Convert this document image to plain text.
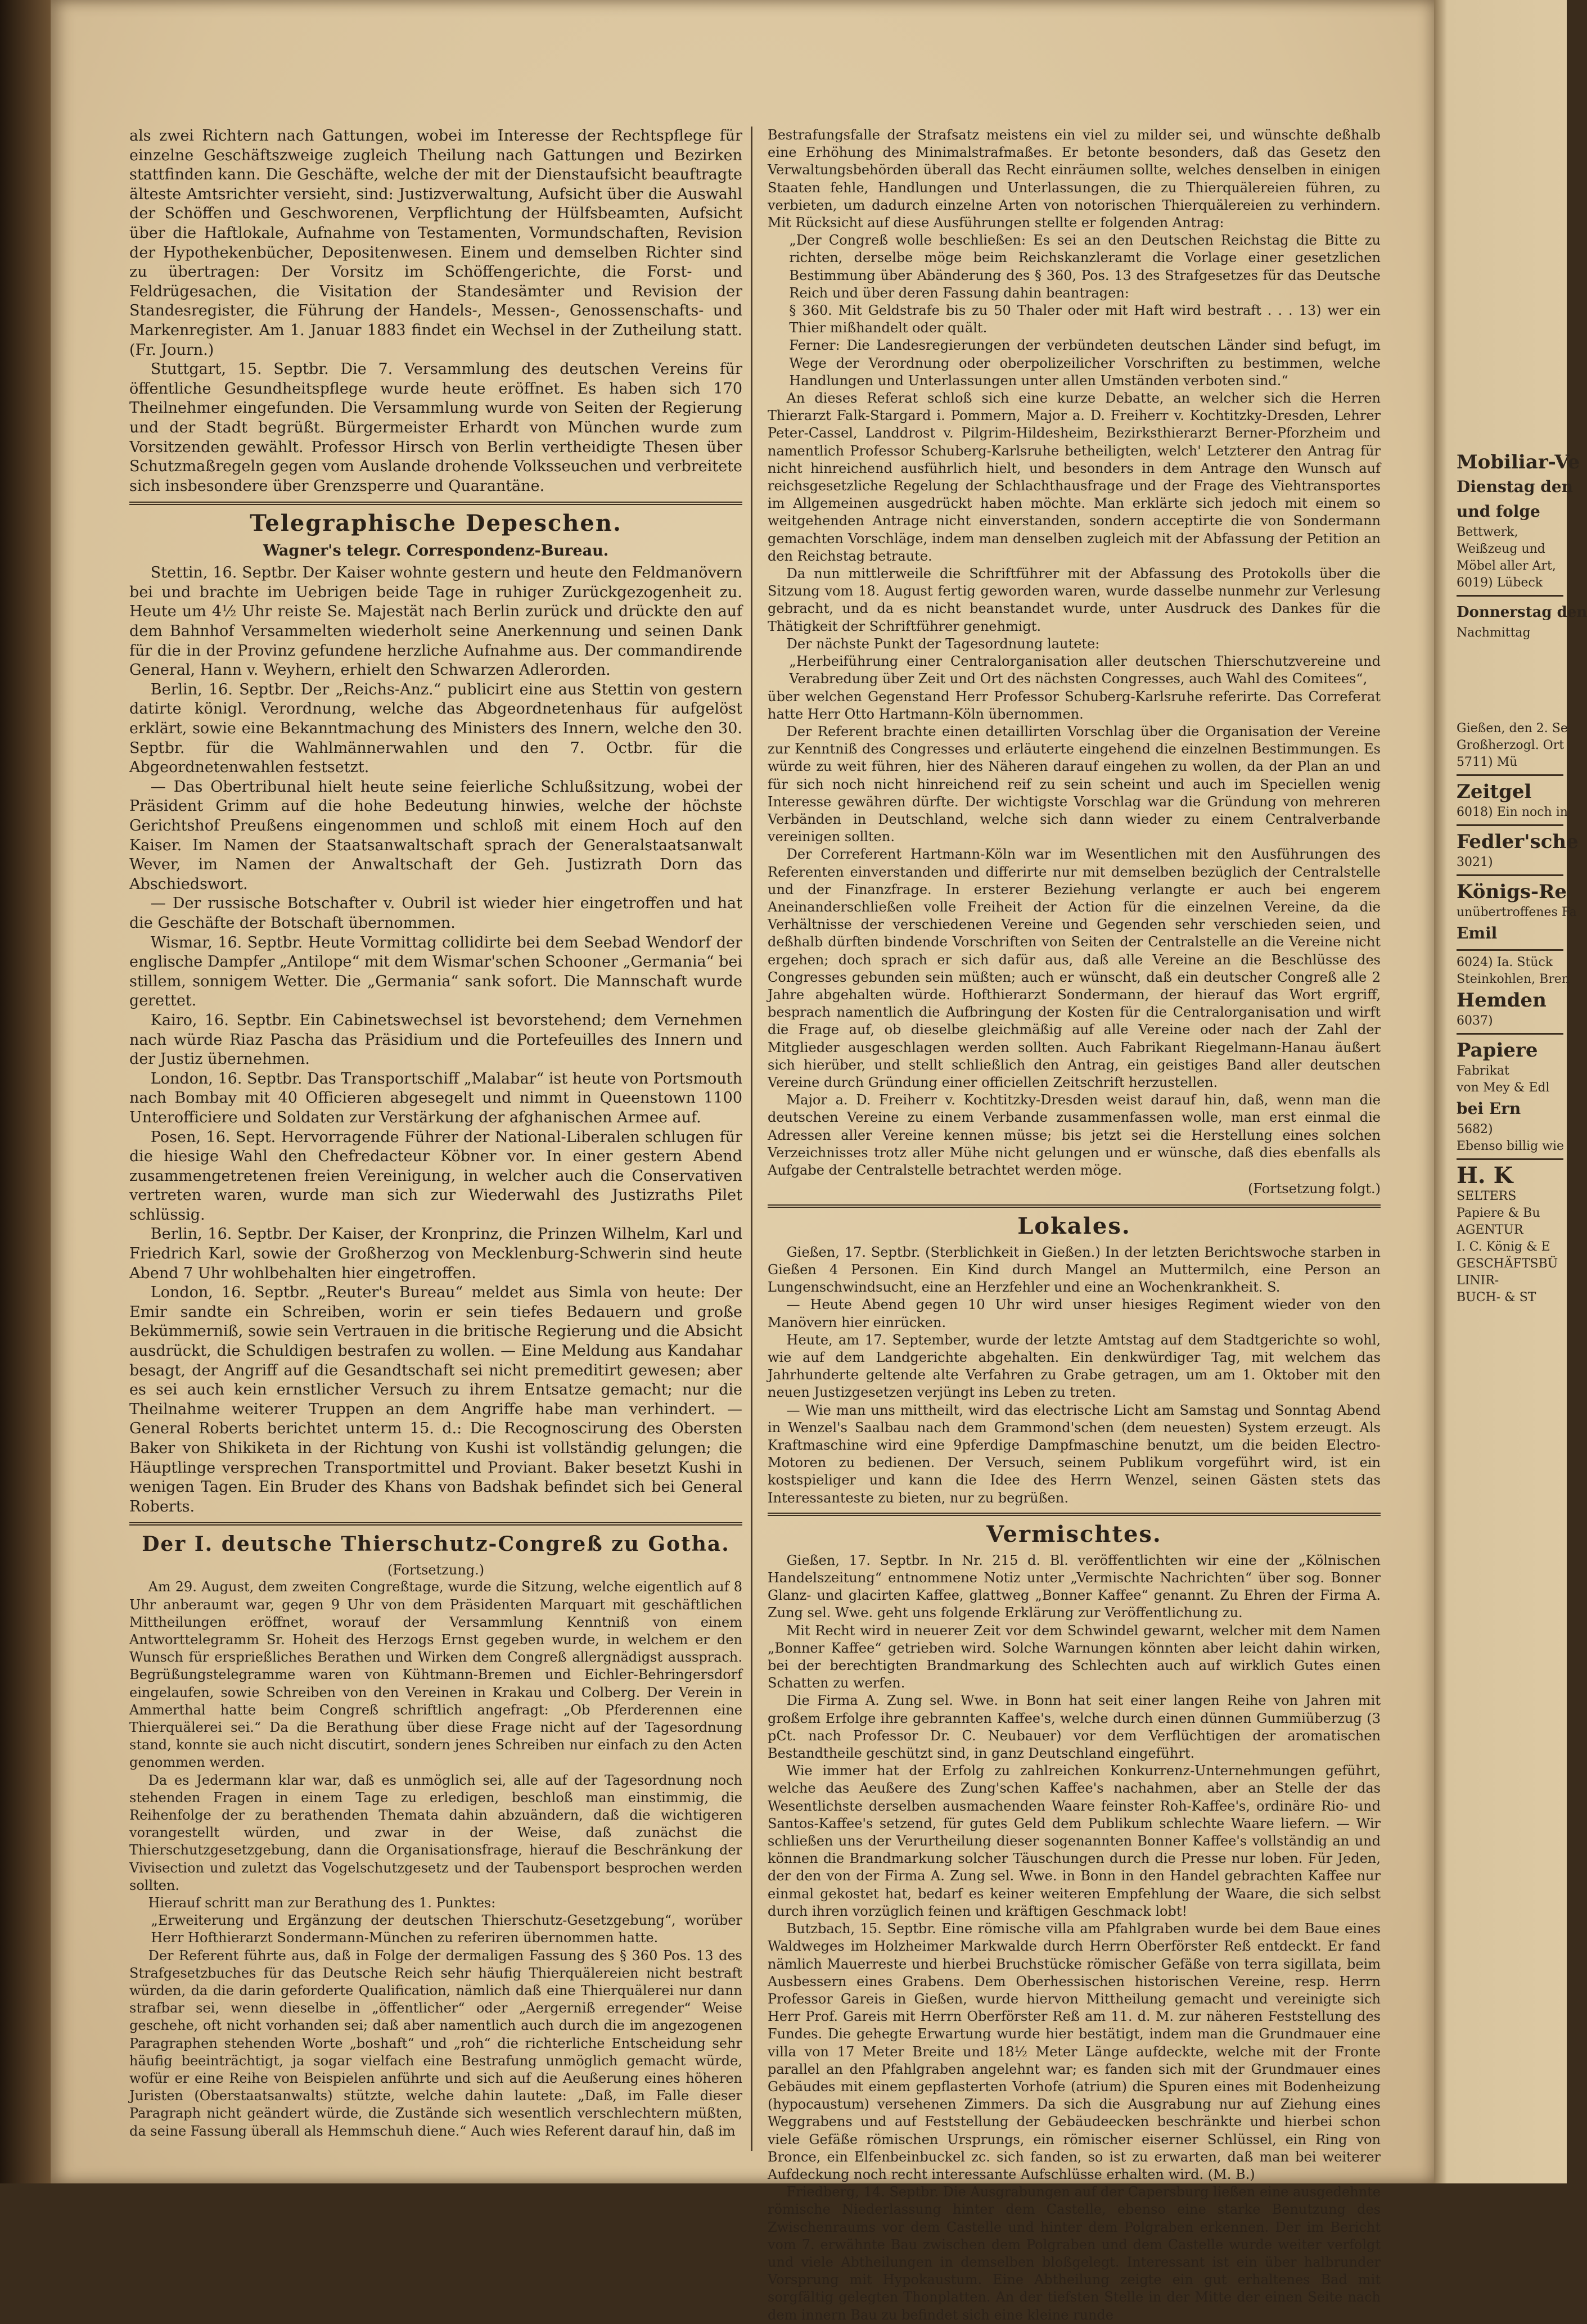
als zwei Richtern nach Gattungen, wobei im Interesse der Rechtspflege für einzelne Geschäftszweige zugleich Theilung nach Gattungen und Bezirken stattfinden kann. Die Geschäfte, welche der mit der Dienstaufsicht beauftragte älteste Amtsrichter versieht, sind: Justizverwaltung, Aufsicht über die Auswahl der Schöffen und Geschworenen, Verpflichtung der Hülfsbeamten, Aufsicht über die Haftlokale, Aufnahme von Testamenten, Vormundschaften, Revision der Hypothekenbücher, Depositenwesen. Einem und demselben Richter sind zu übertragen: Der Vorsitz im Schöffengerichte, die Forst- und Feldrügesachen, die Visitation der Standesämter und Revision der Standesregister, die Führung der Handels-, Messen-, Genossenschafts- und Markenregister. Am 1. Januar 1883 findet ein Wechsel in der Zutheilung statt. (Fr. Journ.)

Stuttgart, 15. Septbr. Die 7. Versammlung des deutschen Vereins für öffentliche Gesundheitspflege wurde heute eröffnet. Es haben sich 170 Theilnehmer eingefunden. Die Versammlung wurde von Seiten der Regierung und der Stadt begrüßt. Bürgermeister Erhardt von München wurde zum Vorsitzenden gewählt. Professor Hirsch von Berlin vertheidigte Thesen über Schutzmaßregeln gegen vom Auslande drohende Volksseuchen und verbreitete sich insbesondere über Grenzsperre und Quarantäne.

Telegraphische Depeschen.
Wagner's telegr. Correspondenz-Bureau.

Stettin, 16. Septbr. Der Kaiser wohnte gestern und heute den Feldmanövern bei und brachte im Uebrigen beide Tage in ruhiger Zurückgezogenheit zu. Heute um 4½ Uhr reiste Se. Majestät nach Berlin zurück und drückte den auf dem Bahnhof Versammelten wiederholt seine Anerkennung und seinen Dank für die in der Provinz gefundene herzliche Aufnahme aus. Der commandirende General, Hann v. Weyhern, erhielt den Schwarzen Adlerorden.

Berlin, 16. Septbr. Der „Reichs-Anz.“ publicirt eine aus Stettin von gestern datirte königl. Verordnung, welche das Abgeordnetenhaus für aufgelöst erklärt, sowie eine Bekanntmachung des Ministers des Innern, welche den 30. Septbr. für die Wahlmännerwahlen und den 7. Octbr. für die Abgeordnetenwahlen festsetzt.

— Das Obertribunal hielt heute seine feierliche Schlußsitzung, wobei der Präsident Grimm auf die hohe Bedeutung hinwies, welche der höchste Gerichtshof Preußens eingenommen und schloß mit einem Hoch auf den Kaiser. Im Namen der Staatsanwaltschaft sprach der Generalstaatsanwalt Wever, im Namen der Anwaltschaft der Geh. Justizrath Dorn das Abschiedswort.

— Der russische Botschafter v. Oubril ist wieder hier eingetroffen und hat die Geschäfte der Botschaft übernommen.

Wismar, 16. Septbr. Heute Vormittag collidirte bei dem Seebad Wendorf der englische Dampfer „Antilope“ mit dem Wismar'schen Schooner „Germania“ bei stillem, sonnigem Wetter. Die „Germania“ sank sofort. Die Mannschaft wurde gerettet.

Kairo, 16. Septbr. Ein Cabinetswechsel ist bevorstehend; dem Vernehmen nach würde Riaz Pascha das Präsidium und die Portefeuilles des Innern und der Justiz übernehmen.

London, 16. Septbr. Das Transportschiff „Malabar“ ist heute von Portsmouth nach Bombay mit 40 Officieren abgesegelt und nimmt in Queenstown 1100 Unterofficiere und Soldaten zur Verstärkung der afghanischen Armee auf.

Posen, 16. Sept. Hervorragende Führer der National-Liberalen schlugen für die hiesige Wahl den Chefredacteur Köbner vor. In einer gestern Abend zusammengetretenen freien Vereinigung, in welcher auch die Conservativen vertreten waren, wurde man sich zur Wiederwahl des Justizraths Pilet schlüssig.

Berlin, 16. Septbr. Der Kaiser, der Kronprinz, die Prinzen Wilhelm, Karl und Friedrich Karl, sowie der Großherzog von Mecklenburg-Schwerin sind heute Abend 7 Uhr wohlbehalten hier eingetroffen.

London, 16. Septbr. „Reuter's Bureau“ meldet aus Simla von heute: Der Emir sandte ein Schreiben, worin er sein tiefes Bedauern und große Bekümmerniß, sowie sein Vertrauen in die britische Regierung und die Absicht ausdrückt, die Schuldigen bestrafen zu wollen. — Eine Meldung aus Kandahar besagt, der Angriff auf die Gesandtschaft sei nicht premeditirt gewesen; aber es sei auch kein ernstlicher Versuch zu ihrem Entsatze gemacht; nur die Theilnahme weiterer Truppen an dem Angriffe habe man verhindert. — General Roberts berichtet unterm 15. d.: Die Recognoscirung des Obersten Baker von Shikiketa in der Richtung von Kushi ist vollständig gelungen; die Häuptlinge versprechen Transportmittel und Proviant. Baker besetzt Kushi in wenigen Tagen. Ein Bruder des Khans von Badshak befindet sich bei General Roberts.

Der I. deutsche Thierschutz-Congreß zu Gotha.
(Fortsetzung.)

Am 29. August, dem zweiten Congreßtage, wurde die Sitzung, welche eigentlich auf 8 Uhr anberaumt war, gegen 9 Uhr von dem Präsidenten Marquart mit geschäftlichen Mittheilungen eröffnet, worauf der Versammlung Kenntniß von einem Antworttelegramm Sr. Hoheit des Herzogs Ernst gegeben wurde, in welchem er den Wunsch für ersprießliches Berathen und Wirken dem Congreß allergnädigst aussprach. Begrüßungstelegramme waren von Kühtmann-Bremen und Eichler-Behringersdorf eingelaufen, sowie Schreiben von den Vereinen in Krakau und Colberg. Der Verein in Ammerthal hatte beim Congreß schriftlich angefragt: „Ob Pferderennen eine Thierquälerei sei.“ Da die Berathung über diese Frage nicht auf der Tagesordnung stand, konnte sie auch nicht discutirt, sondern jenes Schreiben nur einfach zu den Acten genommen werden.

Da es Jedermann klar war, daß es unmöglich sei, alle auf der Tagesordnung noch stehenden Fragen in einem Tage zu erledigen, beschloß man einstimmig, die Reihenfolge der zu berathenden Themata dahin abzuändern, daß die wichtigeren vorangestellt würden, und zwar in der Weise, daß zunächst die Thierschutzgesetzgebung, dann die Organisationsfrage, hierauf die Beschränkung der Vivisection und zuletzt das Vogelschutzgesetz und der Taubensport besprochen werden sollten.

Hierauf schritt man zur Berathung des 1. Punktes:

„Erweiterung und Ergänzung der deutschen Thierschutz-Gesetzgebung“, worüber Herr Hofthierarzt Sondermann-München zu referiren übernommen hatte.

Der Referent führte aus, daß in Folge der dermaligen Fassung des § 360 Pos. 13 des Strafgesetzbuches für das Deutsche Reich sehr häufig Thierquälereien nicht bestraft würden, da die darin geforderte Qualification, nämlich daß eine Thierquälerei nur dann strafbar sei, wenn dieselbe in „öffentlicher“ oder „Aergerniß erregender“ Weise geschehe, oft nicht vorhanden sei; daß aber namentlich auch durch die im angezogenen Paragraphen stehenden Worte „boshaft“ und „roh“ die richterliche Entscheidung sehr häufig beeinträchtigt, ja sogar vielfach eine Bestrafung unmöglich gemacht würde, wofür er eine Reihe von Beispielen anführte und sich auf die Aeußerung eines höheren Juristen (Oberstaatsanwalts) stützte, welche dahin lautete: „Daß, im Falle dieser Paragraph nicht geändert würde, die Zustände sich wesentlich verschlechtern müßten, da seine Fassung überall als Hemmschuh diene.“ Auch wies Referent darauf hin, daß im

Bestrafungsfalle der Strafsatz meistens ein viel zu milder sei, und wünschte deßhalb eine Erhöhung des Minimalstrafmaßes. Er betonte besonders, daß das Gesetz den Verwaltungsbehörden überall das Recht einräumen sollte, welches denselben in einigen Staaten fehle, Handlungen und Unterlassungen, die zu Thierquälereien führen, zu verbieten, um dadurch einzelne Arten von notorischen Thierquälereien zu verhindern. Mit Rücksicht auf diese Ausführungen stellte er folgenden Antrag:

„Der Congreß wolle beschließen: Es sei an den Deutschen Reichstag die Bitte zu richten, derselbe möge beim Reichskanzleramt die Vorlage einer gesetzlichen Bestimmung über Abänderung des § 360, Pos. 13 des Strafgesetzes für das Deutsche Reich und über deren Fassung dahin beantragen:

§ 360. Mit Geldstrafe bis zu 50 Thaler oder mit Haft wird bestraft . . . 13) wer ein Thier mißhandelt oder quält.

Ferner: Die Landesregierungen der verbündeten deutschen Länder sind befugt, im Wege der Verordnung oder oberpolizeilicher Vorschriften zu bestimmen, welche Handlungen und Unterlassungen unter allen Umständen verboten sind.“

An dieses Referat schloß sich eine kurze Debatte, an welcher sich die Herren Thierarzt Falk-Stargard i. Pommern, Major a. D. Freiherr v. Kochtitzky-Dresden, Lehrer Peter-Cassel, Landdrost v. Pilgrim-Hildesheim, Bezirksthierarzt Berner-Pforzheim und namentlich Professor Schuberg-Karlsruhe betheiligten, welch' Letzterer den Antrag für nicht hinreichend ausführlich hielt, und besonders in dem Antrage den Wunsch auf reichsgesetzliche Regelung der Schlachthausfrage und der Frage des Viehtransportes im Allgemeinen ausgedrückt haben möchte. Man erklärte sich jedoch mit einem so weitgehenden Antrage nicht einverstanden, sondern acceptirte die von Sondermann gemachten Vorschläge, indem man denselben zugleich mit der Abfassung der Petition an den Reichstag betraute.

Da nun mittlerweile die Schriftführer mit der Abfassung des Protokolls über die Sitzung vom 18. August fertig geworden waren, wurde dasselbe nunmehr zur Verlesung gebracht, und da es nicht beanstandet wurde, unter Ausdruck des Dankes für die Thätigkeit der Schriftführer genehmigt.

Der nächste Punkt der Tagesordnung lautete:

„Herbeiführung einer Centralorganisation aller deutschen Thierschutzvereine und Verabredung über Zeit und Ort des nächsten Congresses, auch Wahl des Comitees“,

über welchen Gegenstand Herr Professor Schuberg-Karlsruhe referirte. Das Correferat hatte Herr Otto Hartmann-Köln übernommen.

Der Referent brachte einen detaillirten Vorschlag über die Organisation der Vereine zur Kenntniß des Congresses und erläuterte eingehend die einzelnen Bestimmungen. Es würde zu weit führen, hier des Näheren darauf eingehen zu wollen, da der Plan an und für sich noch nicht hinreichend reif zu sein scheint und auch im Speciellen wenig Interesse gewähren dürfte. Der wichtigste Vorschlag war die Gründung von mehreren Verbänden in Deutschland, welche sich dann wieder zu einem Centralverbande vereinigen sollten.

Der Correferent Hartmann-Köln war im Wesentlichen mit den Ausführungen des Referenten einverstanden und differirte nur mit demselben bezüglich der Centralstelle und der Finanzfrage. In ersterer Beziehung verlangte er auch bei engerem Aneinanderschließen volle Freiheit der Action für die einzelnen Vereine, da die Verhältnisse der verschiedenen Vereine und Gegenden sehr verschieden seien, und deßhalb dürften bindende Vorschriften von Seiten der Centralstelle an die Vereine nicht ergehen; doch sprach er sich dafür aus, daß alle Vereine an die Beschlüsse des Congresses gebunden sein müßten; auch er wünscht, daß ein deutscher Congreß alle 2 Jahre abgehalten würde. Hofthierarzt Sondermann, der hierauf das Wort ergriff, besprach namentlich die Aufbringung der Kosten für die Centralorganisation und wirft die Frage auf, ob dieselbe gleichmäßig auf alle Vereine oder nach der Zahl der Mitglieder ausgeschlagen werden sollten. Auch Fabrikant Riegelmann-Hanau äußert sich hierüber, und stellt schließlich den Antrag, ein geistiges Band aller deutschen Vereine durch Gründung einer officiellen Zeitschrift herzustellen.

Major a. D. Freiherr v. Kochtitzky-Dresden weist darauf hin, daß, wenn man die deutschen Vereine zu einem Verbande zusammenfassen wolle, man erst einmal die Adressen aller Vereine kennen müsse; bis jetzt sei die Herstellung eines solchen Verzeichnisses trotz aller Mühe nicht gelungen und er wünsche, daß dies ebenfalls als Aufgabe der Centralstelle betrachtet werden möge.

(Fortsetzung folgt.)
Lokales.

Gießen, 17. Septbr. (Sterblichkeit in Gießen.) In der letzten Berichtswoche starben in Gießen 4 Personen. Ein Kind durch Mangel an Muttermilch, eine Person an Lungenschwindsucht, eine an Herzfehler und eine an Wochenkrankheit. S.

— Heute Abend gegen 10 Uhr wird unser hiesiges Regiment wieder von den Manövern hier einrücken.

Heute, am 17. September, wurde der letzte Amtstag auf dem Stadtgerichte so wohl, wie auf dem Landgerichte abgehalten. Ein denkwürdiger Tag, mit welchem das Jahrhunderte geltende alte Verfahren zu Grabe getragen, um am 1. Oktober mit den neuen Justizgesetzen verjüngt ins Leben zu treten.

— Wie man uns mittheilt, wird das electrische Licht am Samstag und Sonntag Abend in Wenzel's Saalbau nach dem Grammond'schen (dem neuesten) System erzeugt. Als Kraftmaschine wird eine 9pferdige Dampfmaschine benutzt, um die beiden Electro-Motoren zu bedienen. Der Versuch, seinem Publikum vorgeführt wird, ist ein kostspieliger und kann die Idee des Herrn Wenzel, seinen Gästen stets das Interessanteste zu bieten, nur zu begrüßen.

Vermischtes.

Gießen, 17. Septbr. In Nr. 215 d. Bl. veröffentlichten wir eine der „Kölnischen Handelszeitung“ entnommene Notiz unter „Vermischte Nachrichten“ über sog. Bonner Glanz- und glacirten Kaffee, glattweg „Bonner Kaffee“ genannt. Zu Ehren der Firma A. Zung sel. Wwe. geht uns folgende Erklärung zur Veröffentlichung zu.

Mit Recht wird in neuerer Zeit vor dem Schwindel gewarnt, welcher mit dem Namen „Bonner Kaffee“ getrieben wird. Solche Warnungen könnten aber leicht dahin wirken, bei der berechtigten Brandmarkung des Schlechten auch auf wirklich Gutes einen Schatten zu werfen.

Die Firma A. Zung sel. Wwe. in Bonn hat seit einer langen Reihe von Jahren mit großem Erfolge ihre gebrannten Kaffee's, welche durch einen dünnen Gummiüberzug (3 pCt. nach Professor Dr. C. Neubauer) vor dem Verflüchtigen der aromatischen Bestandtheile geschützt sind, in ganz Deutschland eingeführt.

Wie immer hat der Erfolg zu zahlreichen Konkurrenz-Unternehmungen geführt, welche das Aeußere des Zung'schen Kaffee's nachahmen, aber an Stelle der das Wesentlichste derselben ausmachenden Waare feinster Roh-Kaffee's, ordinäre Rio- und Santos-Kaffee's setzend, für gutes Geld dem Publikum schlechte Waare liefern. — Wir schließen uns der Verurtheilung dieser sogenannten Bonner Kaffee's vollständig an und können die Brandmarkung solcher Täuschungen durch die Presse nur loben. Für Jeden, der den von der Firma A. Zung sel. Wwe. in Bonn in den Handel gebrachten Kaffee nur einmal gekostet hat, bedarf es keiner weiteren Empfehlung der Waare, die sich selbst durch ihren vorzüglich feinen und kräftigen Geschmack lobt!

Butzbach, 15. Septbr. Eine römische villa am Pfahlgraben wurde bei dem Baue eines Waldweges im Holzheimer Markwalde durch Herrn Oberförster Reß entdeckt. Er fand nämlich Mauerreste und hierbei Bruchstücke römischer Gefäße von terra sigillata, beim Ausbessern eines Grabens. Dem Oberhessischen historischen Vereine, resp. Herrn Professor Gareis in Gießen, wurde hiervon Mittheilung gemacht und vereinigte sich Herr Prof. Gareis mit Herrn Oberförster Reß am 11. d. M. zur näheren Feststellung des Fundes. Die gehegte Erwartung wurde hier bestätigt, indem man die Grundmauer eine villa von 17 Meter Breite und 18½ Meter Länge aufdeckte, welche mit der Fronte parallel an den Pfahlgraben angelehnt war; es fanden sich mit der Grundmauer eines Gebäudes mit einem gepflasterten Vorhofe (atrium) die Spuren eines mit Bodenheizung (hypocaustum) versehenen Zimmers. Da sich die Ausgrabung nur auf Ziehung eines Weggrabens und auf Feststellung der Gebäudeecken beschränkte und hierbei schon viele Gefäße römischen Ursprungs, ein römischer eiserner Schlüssel, ein Ring von Bronce, ein Elfenbeinbuckel zc. sich fanden, so ist zu erwarten, daß man bei weiterer Aufdeckung noch recht interessante Aufschlüsse erhalten wird. (M. B.)

Friedberg, 14. Septbr. Die Ausgrabungen auf der Capersburg ließen eine ausgedehnte römische Niederlassung hinter dem Castelle, ebenso eine starke Benutzung des Zwischenraums vor dem Castelle und hinter dem Polgraben erkennen. Der im Bericht vom 7. erwähnte Bau zwischen dem Polgraben und dem Castelle wurde weiter verfolgt und viele Abtheilungen in demselben bloßgelegt. Interessant ist ein über halbrunder Vorsprung mit Hypokaustum. Eine Abtheilung zeigte ein gut erhaltenes Bad mit sorgfältig gelegten Thonplatten. An der tiefsten Stelle in der Mitte der einen Seite nach dem innern Bau zu befindet sich eine kleine runde

Mobiliar-Ve
Dienstag den
und folge
Bettwerk,
Weißzeug und
Möbel aller Art,
6019) Lübeck
Donnerstag den
Nachmittag
Gießen, den 2. Se
Großherzogl. Ort
5711) Mü
Zeitgel
6018) Ein noch in
Fedler'sche
3021)
Königs-Re
unübertroffenes Fa
Emil
6024) Ia. Stück
Steinkohlen, Bren
Hemden
6037)
Papiere
Fabrikat
von Mey & Edl
bei Ern
5682)
Ebenso billig wie
H. K
SELTERS
Papiere & Bu
AGENTUR
I. C. König & E
GESCHÄFTSBÜ
LINIR-
BUCH- & ST
